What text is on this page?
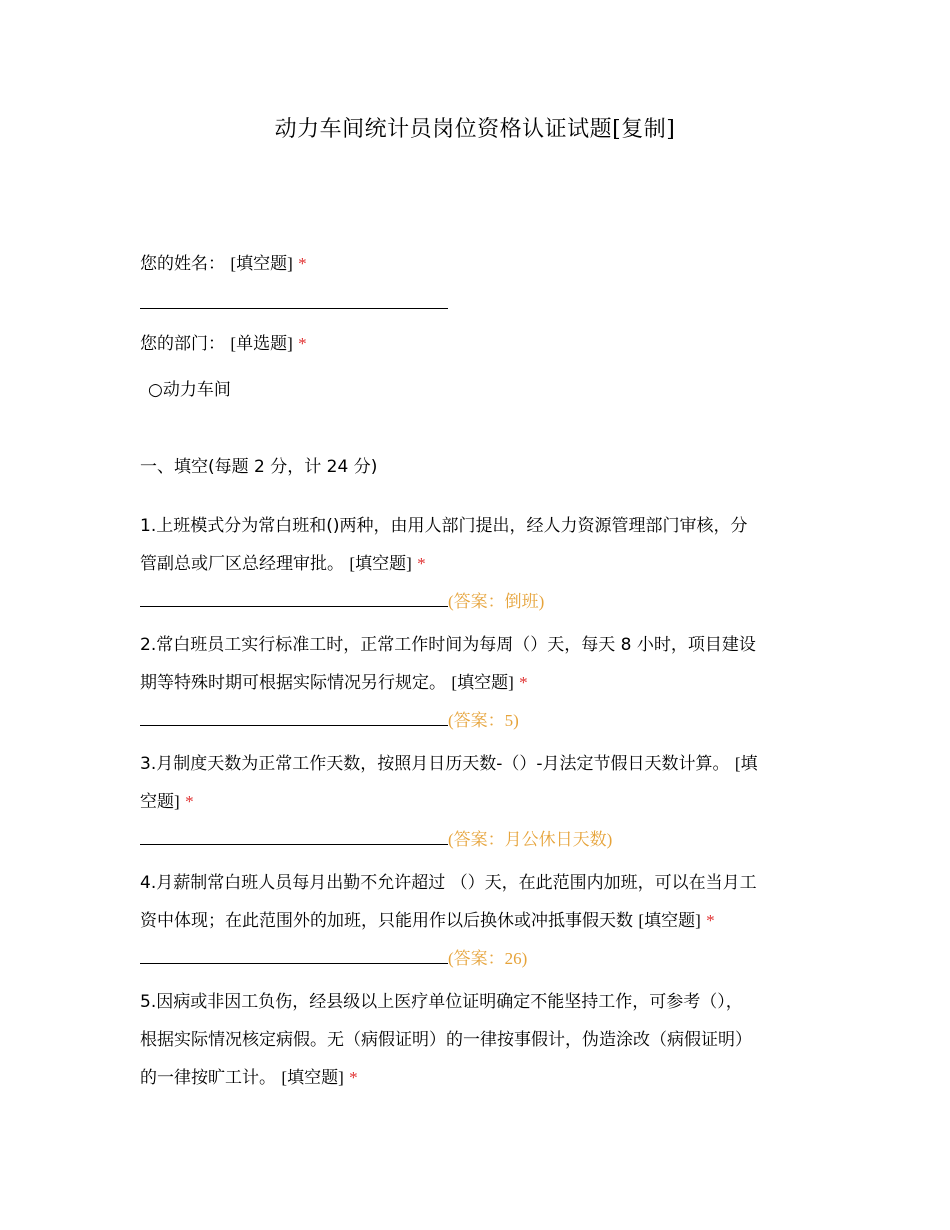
动力车间统计员岗位资格认证试题[复制]
您的姓名： [填空题] *
您的部门： [单选题] *
○动力车间
一、填空(每题 2 分，计 24 分)
1.上班模式分为常白班和()两种，由用人部门提出，经人力资源管理部门审核，分
管副总或厂区总经理审批。 [填空题] *
(答案：倒班)
2.常白班员工实行标准工时，正常工作时间为每周（）天，每天 8 小时，项目建设
期等特殊时期可根据实际情况另行规定。 [填空题] *
(答案：5)
3.月制度天数为正常工作天数，按照月日历天数-（）-月法定节假日天数计算。 [填
空题] *
(答案：月公休日天数)
4.月薪制常白班人员每月出勤不允许超过 （）天，在此范围内加班，可以在当月工
资中体现；在此范围外的加班，只能用作以后换休或冲抵事假天数 [填空题] *
(答案：26)
5.因病或非因工负伤，经县级以上医疗单位证明确定不能坚持工作，可参考（），
根据实际情况核定病假。无（病假证明）的一律按事假计，伪造涂改（病假证明）
的一律按旷工计。 [填空题] *
